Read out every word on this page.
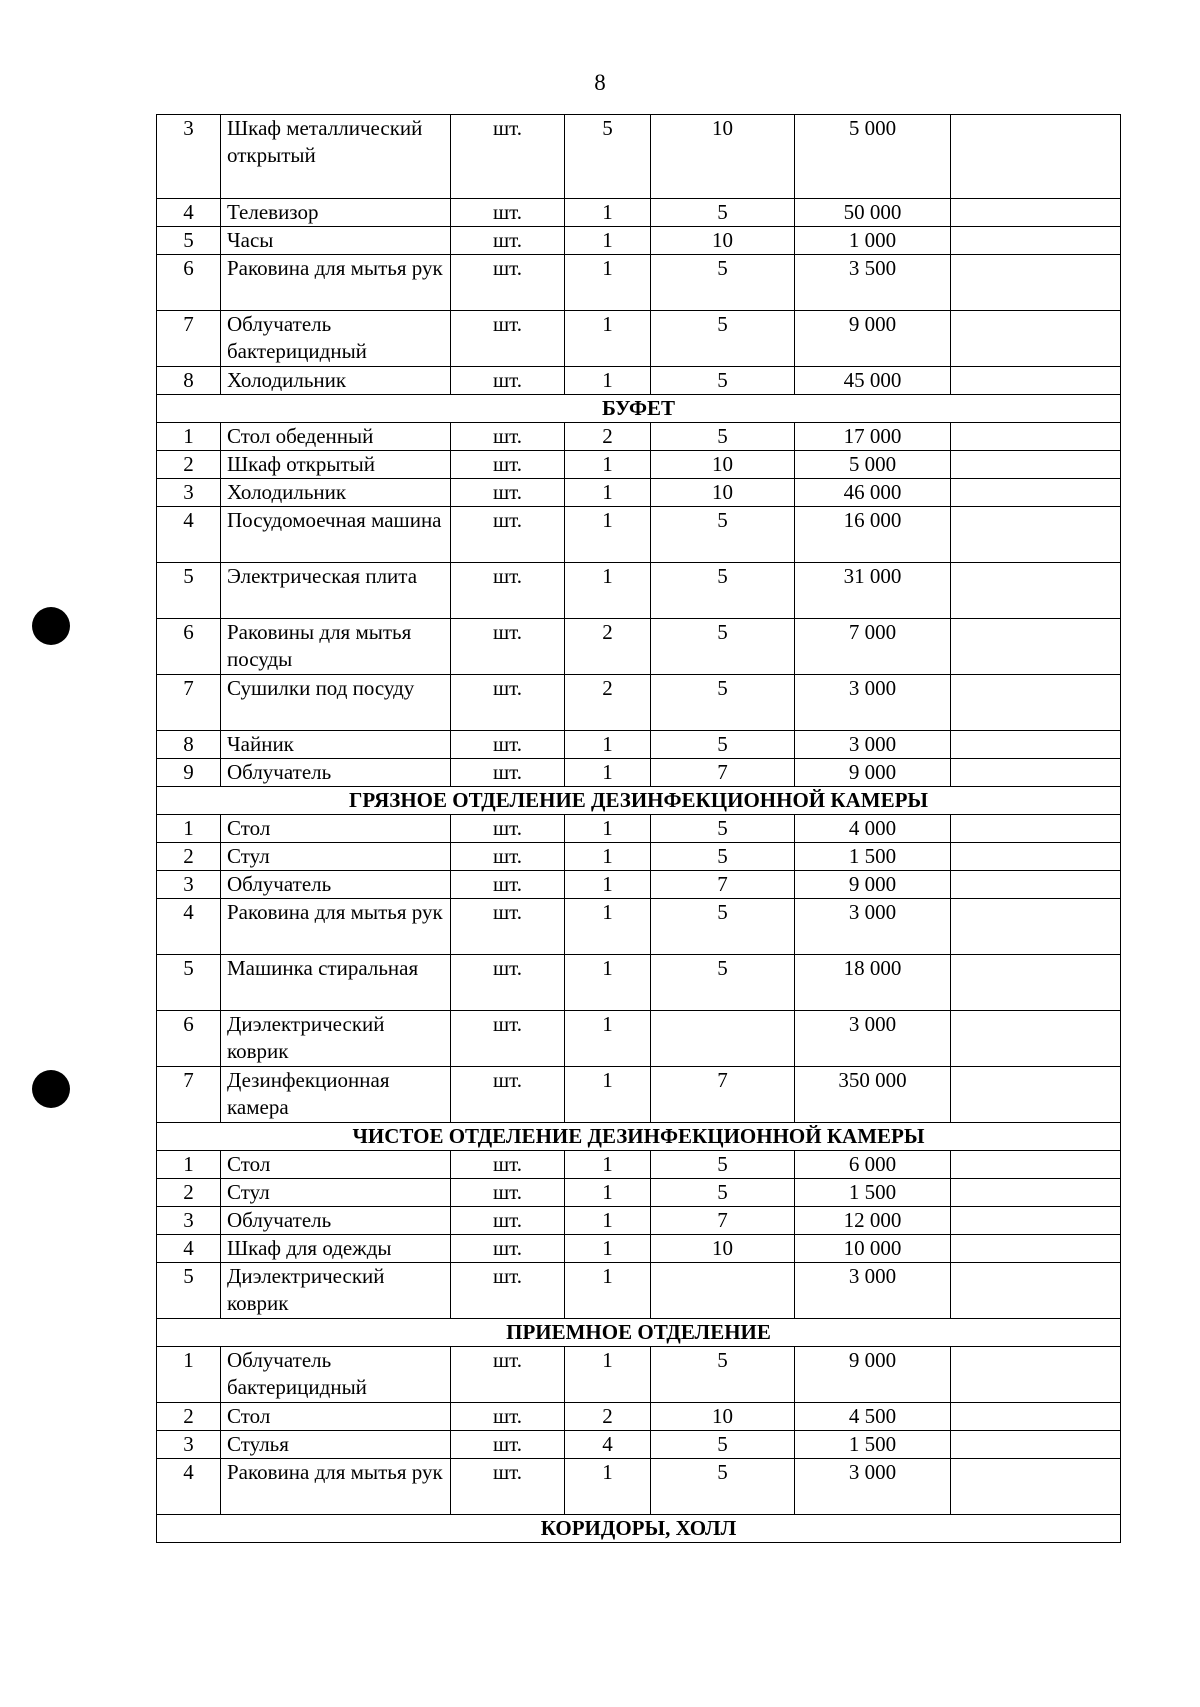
8
3	Шкаф металлический открытый	шт.	5	10	5 000	
4	Телевизор	шт.	1	5	50 000	
5	Часы	шт.	1	10	1 000	
6	Раковина для мытья рук	шт.	1	5	3 500	
7	Облучатель бактерицидный	шт.	1	5	9 000	
8	Холодильник	шт.	1	5	45 000	
БУФЕТ						
1	Стол обеденный	шт.	2	5	17 000	
2	Шкаф открытый	шт.	1	10	5 000	
3	Холодильник	шт.	1	10	46 000	
4	Посудомоечная машина	шт.	1	5	16 000	
5	Электрическая плита	шт.	1	5	31 000	
6	Раковины для мытья посуды	шт.	2	5	7 000	
7	Сушилки под посуду	шт.	2	5	3 000	
8	Чайник	шт.	1	5	3 000	
9	Облучатель	шт.	1	7	9 000	
ГРЯЗНОЕ ОТДЕЛЕНИЕ ДЕЗИНФЕКЦИОННОЙ КАМЕРЫ						
1	Стол	шт.	1	5	4 000	
2	Стул	шт.	1	5	1 500	
3	Облучатель	шт.	1	7	9 000	
4	Раковина для мытья рук	шт.	1	5	3 000	
5	Машинка стиральная	шт.	1	5	18 000	
6	Диэлектрический коврик	шт.	1		3 000	
7	Дезинфекционная камера	шт.	1	7	350 000	
ЧИСТОЕ ОТДЕЛЕНИЕ ДЕЗИНФЕКЦИОННОЙ КАМЕРЫ						
1	Стол	шт.	1	5	6 000	
2	Стул	шт.	1	5	1 500	
3	Облучатель	шт.	1	7	12 000	
4	Шкаф для одежды	шт.	1	10	10 000	
5	Диэлектрический коврик	шт.	1		3 000	
ПРИЕМНОЕ ОТДЕЛЕНИЕ						
1	Облучатель бактерицидный	шт.	1	5	9 000	
2	Стол	шт.	2	10	4 500	
3	Стулья	шт.	4	5	1 500	
4	Раковина для мытья рук	шт.	1	5	3 000	
КОРИДОРЫ, ХОЛЛ						
